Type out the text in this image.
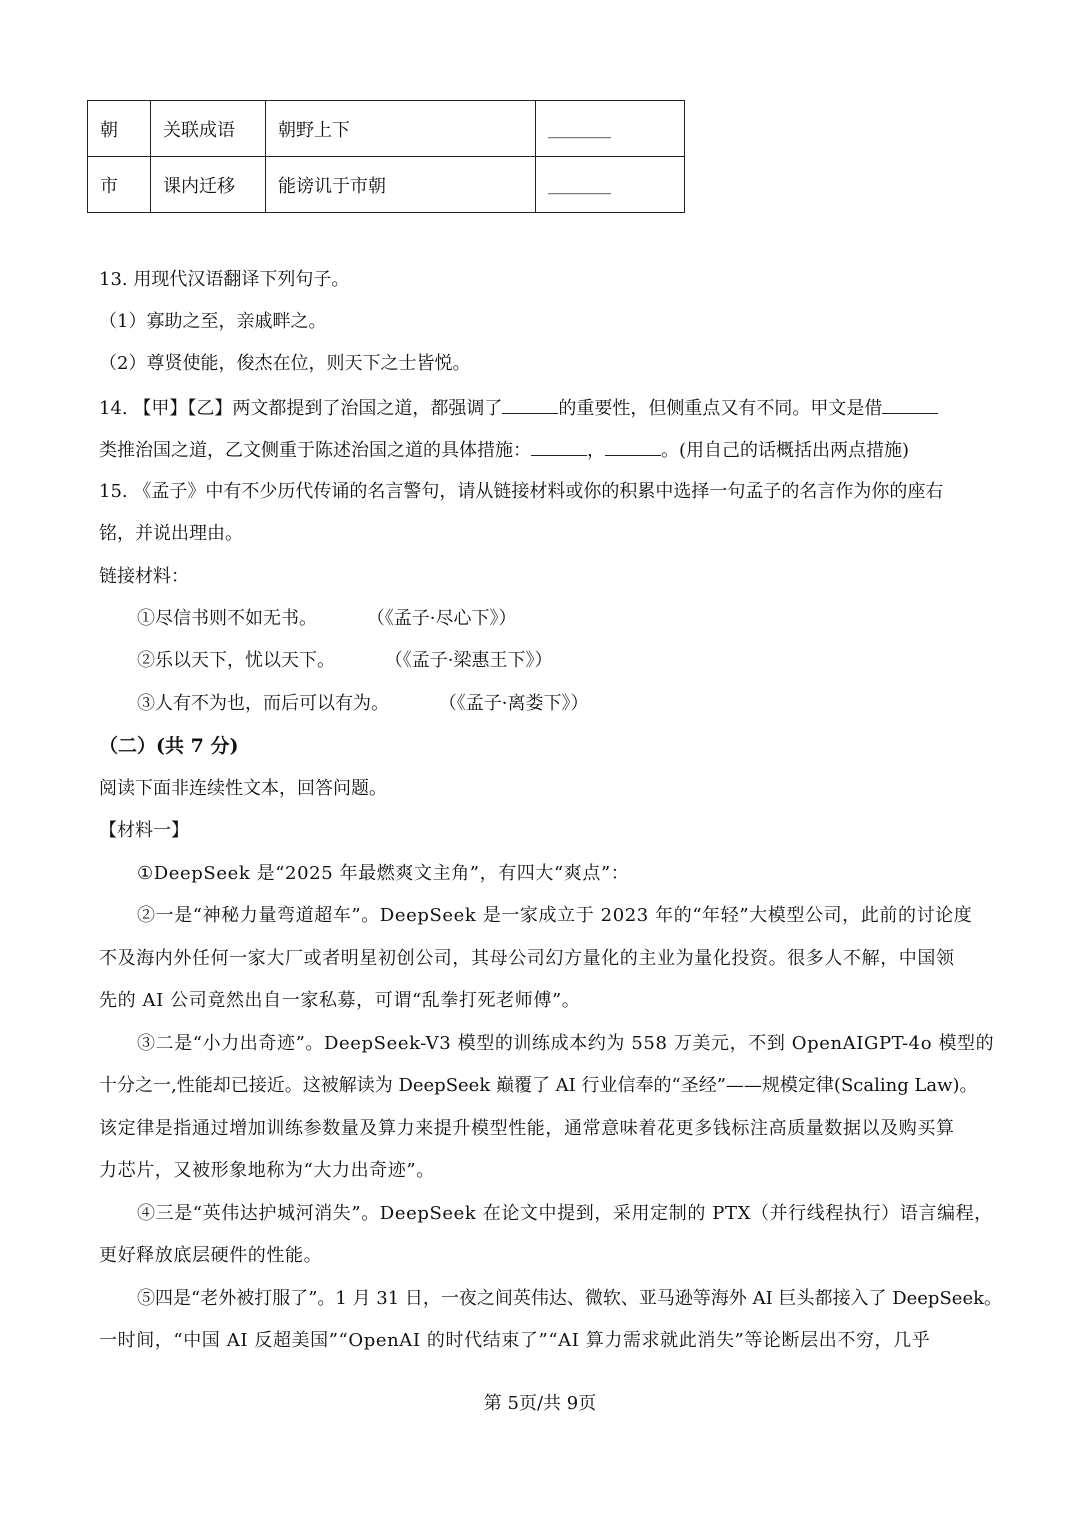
朝	关联成语	朝野上下	_______
市	课内迁移	能谤讥于市朝	_______
13. 用现代汉语翻译下列句子。
（1）寡助之至，亲戚畔之。
（2）尊贤使能，俊杰在位，则天下之士皆悦。
14. 【甲】【乙】两文都提到了治国之道，都强调了	的重要性，但侧重点又有不同。甲文是借
类推治国之道，乙文侧重于陈述治国之道的具体措施：	，	。(用自己的话概括出两点措施)
15. 《孟子》中有不少历代传诵的名言警句，请从链接材料或你的积累中选择一句孟子的名言作为你的座右
铭，并说出理由。
链接材料：
①尽信书则不如无书。	（《孟子·尽心下》）
②乐以天下，忧以天下。	（《孟子·梁惠王下》）
③人有不为也，而后可以有为。	（《孟子·离娄下》）
（二）(共 7 分)
阅读下面非连续性文本，回答问题。
【材料一】
①DeepSeek 是“2025 年最燃爽文主角”，有四大“爽点”：
②一是“神秘力量弯道超车”。DeepSeek 是一家成立于 2023 年的“年轻”大模型公司，此前的讨论度
不及海内外任何一家大厂或者明星初创公司，其母公司幻方量化的主业为量化投资。很多人不解，中国领
先的 AI 公司竟然出自一家私募，可谓“乱拳打死老师傅”。
③二是“小力出奇迹”。DeepSeek-V3 模型的训练成本约为 558 万美元，不到 OpenAIGPT-4o 模型的
十分之一,性能却已接近。这被解读为 DeepSeek 巅覆了 AI 行业信奉的“圣经”——规模定律(Scaling Law)。
该定律是指通过增加训练参数量及算力来提升模型性能，通常意味着花更多钱标注高质量数据以及购买算
力芯片，又被形象地称为“大力出奇迹”。
④三是“英伟达护城河消失”。DeepSeek 在论文中提到，采用定制的 PTX（并行线程执行）语言编程，
更好释放底层硬件的性能。
⑤四是“老外被打服了”。1 月 31 日，一夜之间英伟达、微软、亚马逊等海外 AI 巨头都接入了 DeepSeek。
一时间，“中国 AI 反超美国”“OpenAI 的时代结束了”“AI 算力需求就此消失”等论断层出不穷，几乎
第 5页/共 9页
